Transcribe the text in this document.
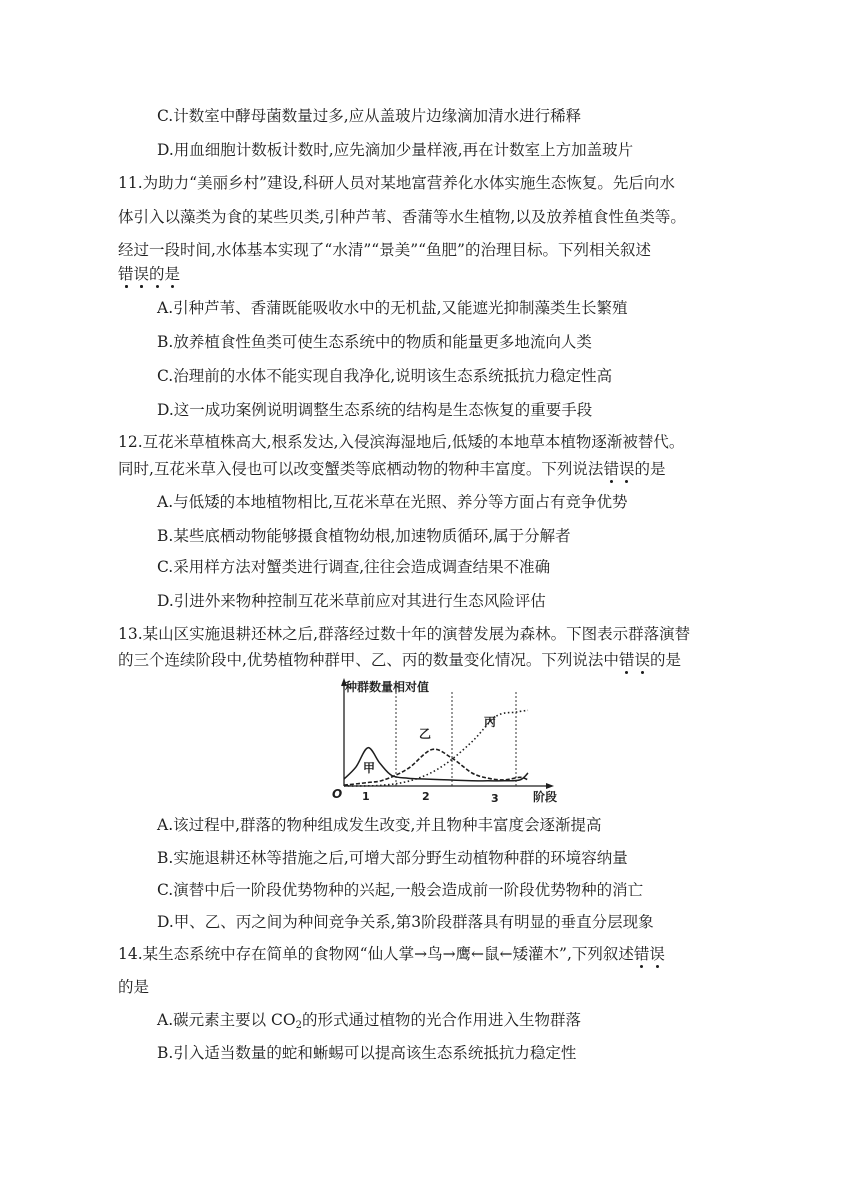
C.计数室中酵母菌数量过多,应从盖玻片边缘滴加清水进行稀释
D.用血细胞计数板计数时,应先滴加少量样液,再在计数室上方加盖玻片
11.为助力“美丽乡村”建设,科研人员对某地富营养化水体实施生态恢复。先后向水
体引入以藻类为食的某些贝类,引种芦苇、香蒲等水生植物,以及放养植食性鱼类等。
经过一段时间,水体基本实现了“水清”“景美”“鱼肥”的治理目标。下列相关叙述
错误的是
A.引种芦苇、香蒲既能吸收水中的无机盐,又能遮光抑制藻类生长繁殖
B.放养植食性鱼类可使生态系统中的物质和能量更多地流向人类
C.治理前的水体不能实现自我净化,说明该生态系统抵抗力稳定性高
D.这一成功案例说明调整生态系统的结构是生态恢复的重要手段
12.互花米草植株高大,根系发达,入侵滨海湿地后,低矮的本地草本植物逐渐被替代。
同时,互花米草入侵也可以改变蟹类等底栖动物的物种丰富度。下列说法错误
的是
A.与低矮的本地植物相比,互花米草在光照、养分等方面占有竞争优势
B.某些底栖动物能够摄食植物幼根,加速物质循环,属于分解者
C.采用样方法对蟹类进行调查,往往会造成调查结果不准确
D.引进外来物种控制互花米草前应对其进行生态风险评估
13.某山区实施退耕还林之后,群落经过数十年的演替发展为森林。下图表示群落演替
的三个连续阶段中,优势植物种群甲、乙、丙的数量变化情况。下列说法中错误
的是
种群数量相对值
阶段
O 1	2	3
甲
乙
丙
A.该过程中,群落的物种组成发生改变,并且物种丰富度会逐渐提高
B.实施退耕还林等措施之后,可增大部分野生动植物种群的环境容纳量
C.演替中后一阶段优势物种的兴起,一般会造成前一阶段优势物种的消亡
D.甲、乙、丙之间为种间竞争关系,第3阶段群落具有明显的垂直分层现象
14.某生态系统中存在简单的食物网“仙人掌→鸟→鹰←鼠←矮灌木”,下列叙述错误
的是
A.碳元素主要以 $CO_2$的形式通过植物的光合作用进入生物群落
B.引入适当数量的蛇和蜥蜴可以提高该生态系统抵抗力稳定性
